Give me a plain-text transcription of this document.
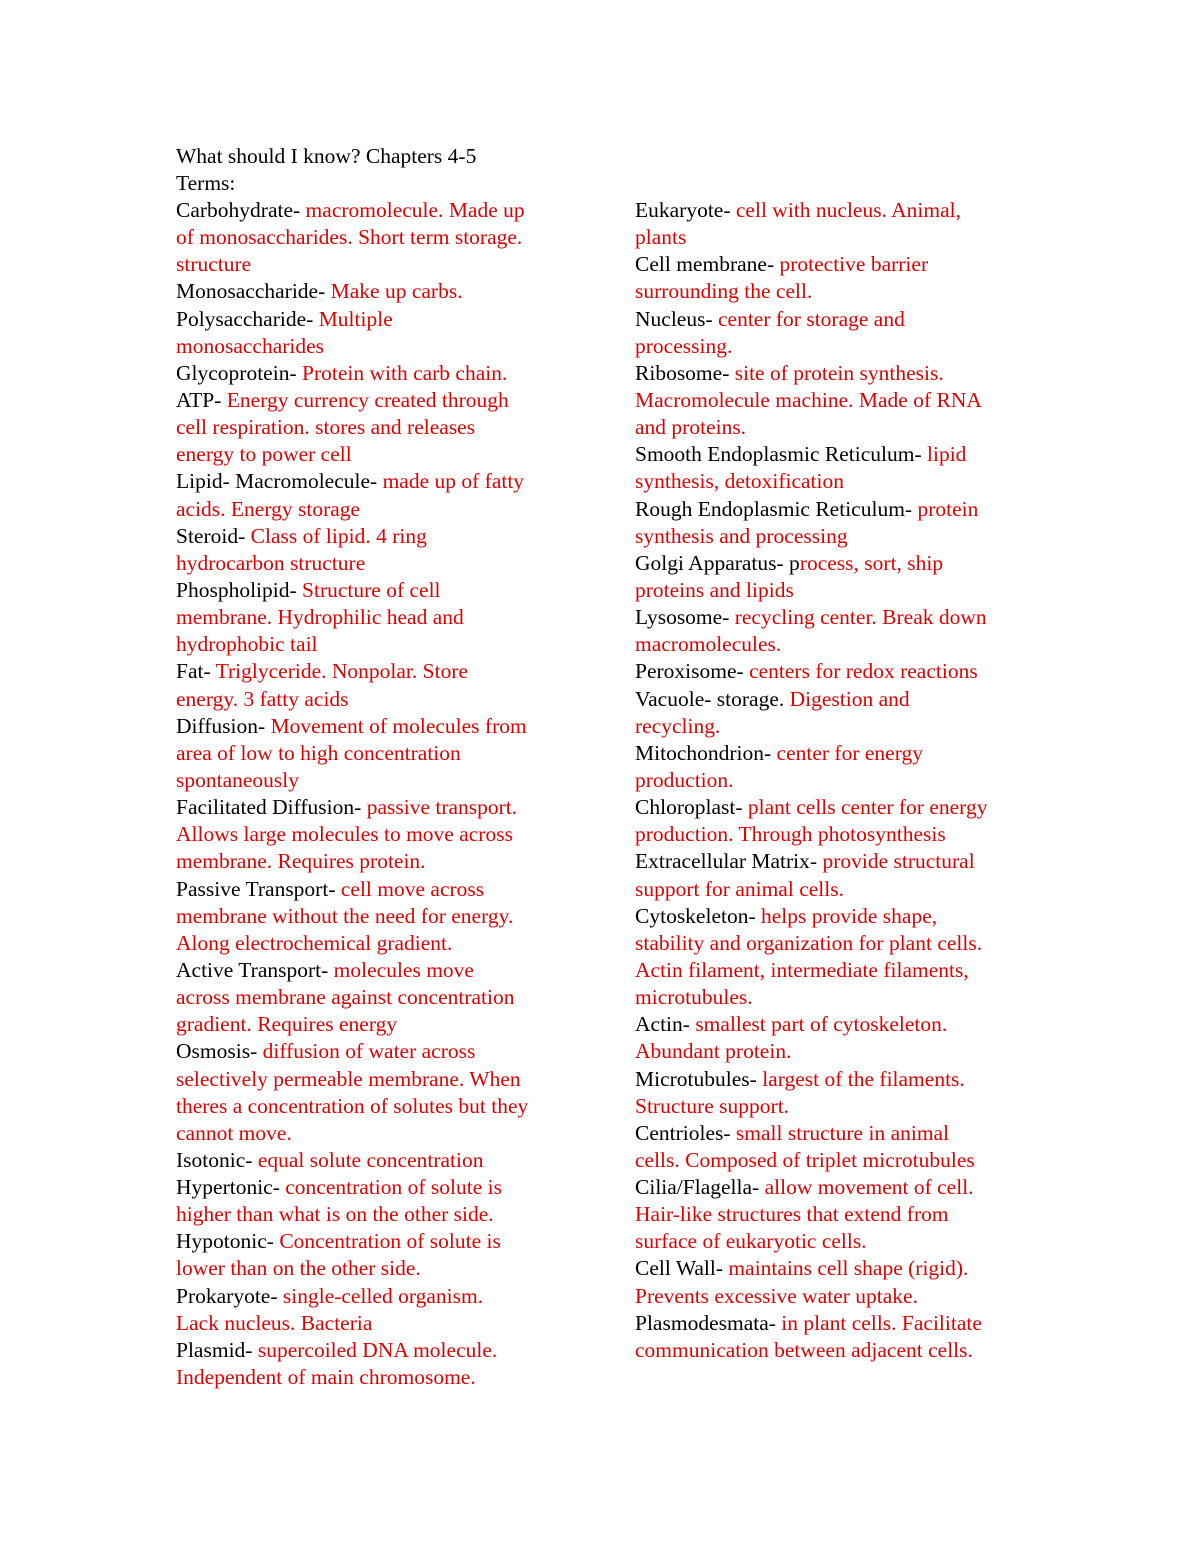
What should I know? Chapters 4-5
Terms:
Carbohydrate- macromolecule. Made up
of monosaccharides. Short term storage.
structure
Monosaccharide- Make up carbs.
Polysaccharide- Multiple
monosaccharides
Glycoprotein- Protein with carb chain.
ATP- Energy currency created through
cell respiration. stores and releases
energy to power cell
Lipid- Macromolecule- made up of fatty
acids. Energy storage
Steroid- Class of lipid. 4 ring
hydrocarbon structure
Phospholipid- Structure of cell
membrane. Hydrophilic head and
hydrophobic tail
Fat- Triglyceride. Nonpolar. Store
energy. 3 fatty acids
Diffusion- Movement of molecules from
area of low to high concentration
spontaneously
Facilitated Diffusion- passive transport.
Allows large molecules to move across
membrane. Requires protein.
Passive Transport- cell move across
membrane without the need for energy.
Along electrochemical gradient.
Active Transport- molecules move
across membrane against concentration
gradient. Requires energy
Osmosis- diffusion of water across
selectively permeable membrane. When
theres a concentration of solutes but they
cannot move.
Isotonic- equal solute concentration
Hypertonic- concentration of solute is
higher than what is on the other side.
Hypotonic- Concentration of solute is
lower than on the other side.
Prokaryote- single-celled organism.
Lack nucleus. Bacteria
Plasmid- supercoiled DNA molecule.
Independent of main chromosome.
Eukaryote- cell with nucleus. Animal,
plants
Cell membrane- protective barrier
surrounding the cell.
Nucleus- center for storage and
processing.
Ribosome- site of protein synthesis.
Macromolecule machine. Made of RNA
and proteins.
Smooth Endoplasmic Reticulum- lipid
synthesis, detoxification
Rough Endoplasmic Reticulum- protein
synthesis and processing
Golgi Apparatus- process, sort, ship
proteins and lipids
Lysosome- recycling center. Break down
macromolecules.
Peroxisome- centers for redox reactions
Vacuole- storage. Digestion and
recycling.
Mitochondrion- center for energy
production.
Chloroplast- plant cells center for energy
production. Through photosynthesis
Extracellular Matrix- provide structural
support for animal cells.
Cytoskeleton- helps provide shape,
stability and organization for plant cells.
Actin filament, intermediate filaments,
microtubules.
Actin- smallest part of cytoskeleton.
Abundant protein.
Microtubules- largest of the filaments.
Structure support.
Centrioles- small structure in animal
cells. Composed of triplet microtubules
Cilia/Flagella- allow movement of cell.
Hair-like structures that extend from
surface of eukaryotic cells.
Cell Wall- maintains cell shape (rigid).
Prevents excessive water uptake.
Plasmodesmata- in plant cells. Facilitate
communication between adjacent cells.
